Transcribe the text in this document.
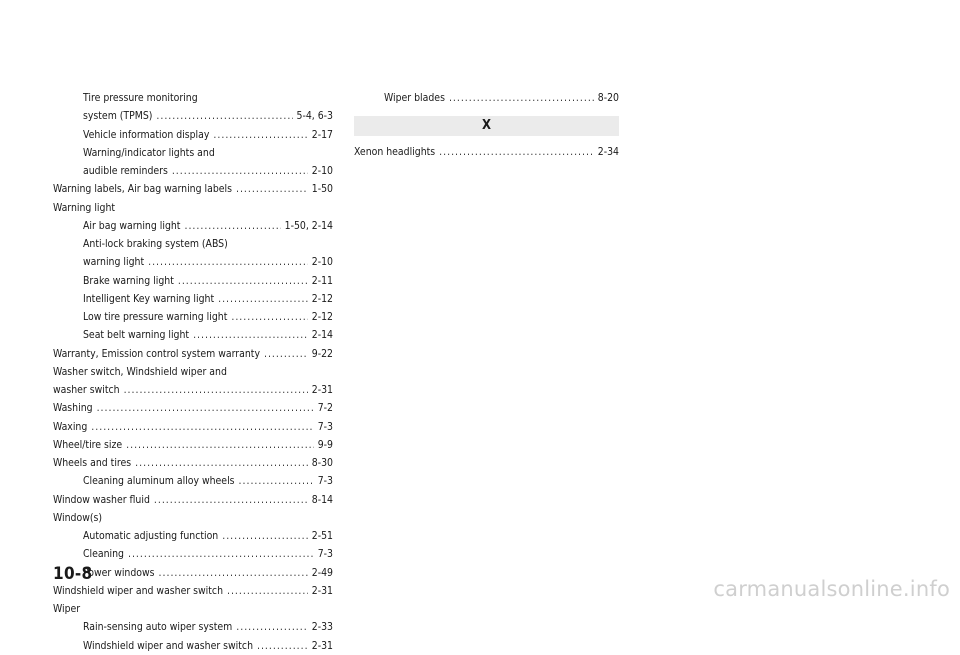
Tire pressure monitoring
system (TPMS) .....	5-4, 6-3
Vehicle information display .....	2-17
Warning/indicator lights and
audible reminders .....	2-10
Warning labels, Air bag warning labels .....	1-50
Warning light
Air bag warning light .....	1-50, 2-14
Anti-lock braking system (ABS)
warning light .....	2-10
Brake warning light .....	2-11
Intelligent Key warning light .....	2-12
Low tire pressure warning light .....	2-12
Seat belt warning light .....	2-14
Warranty, Emission control system warranty .....	9-22
Washer switch, Windshield wiper and
washer switch .....	2-31
Washing .....	7-2
Waxing .....	7-3
Wheel/tire size .....	9-9
Wheels and tires .....	8-30
Cleaning aluminum alloy wheels .....	7-3
Window washer fluid .....	8-14
Window(s)
Automatic adjusting function .....	2-51
Cleaning .....	7-3
Power windows .....	2-49
Windshield wiper and washer switch .....	2-31
Wiper
Rain-sensing auto wiper system .....	2-33
Windshield wiper and washer switch .....	2-31
Wiper blades .....	8-20
X
Xenon headlights .....	2-34
10-8
carmanualsonline.info
